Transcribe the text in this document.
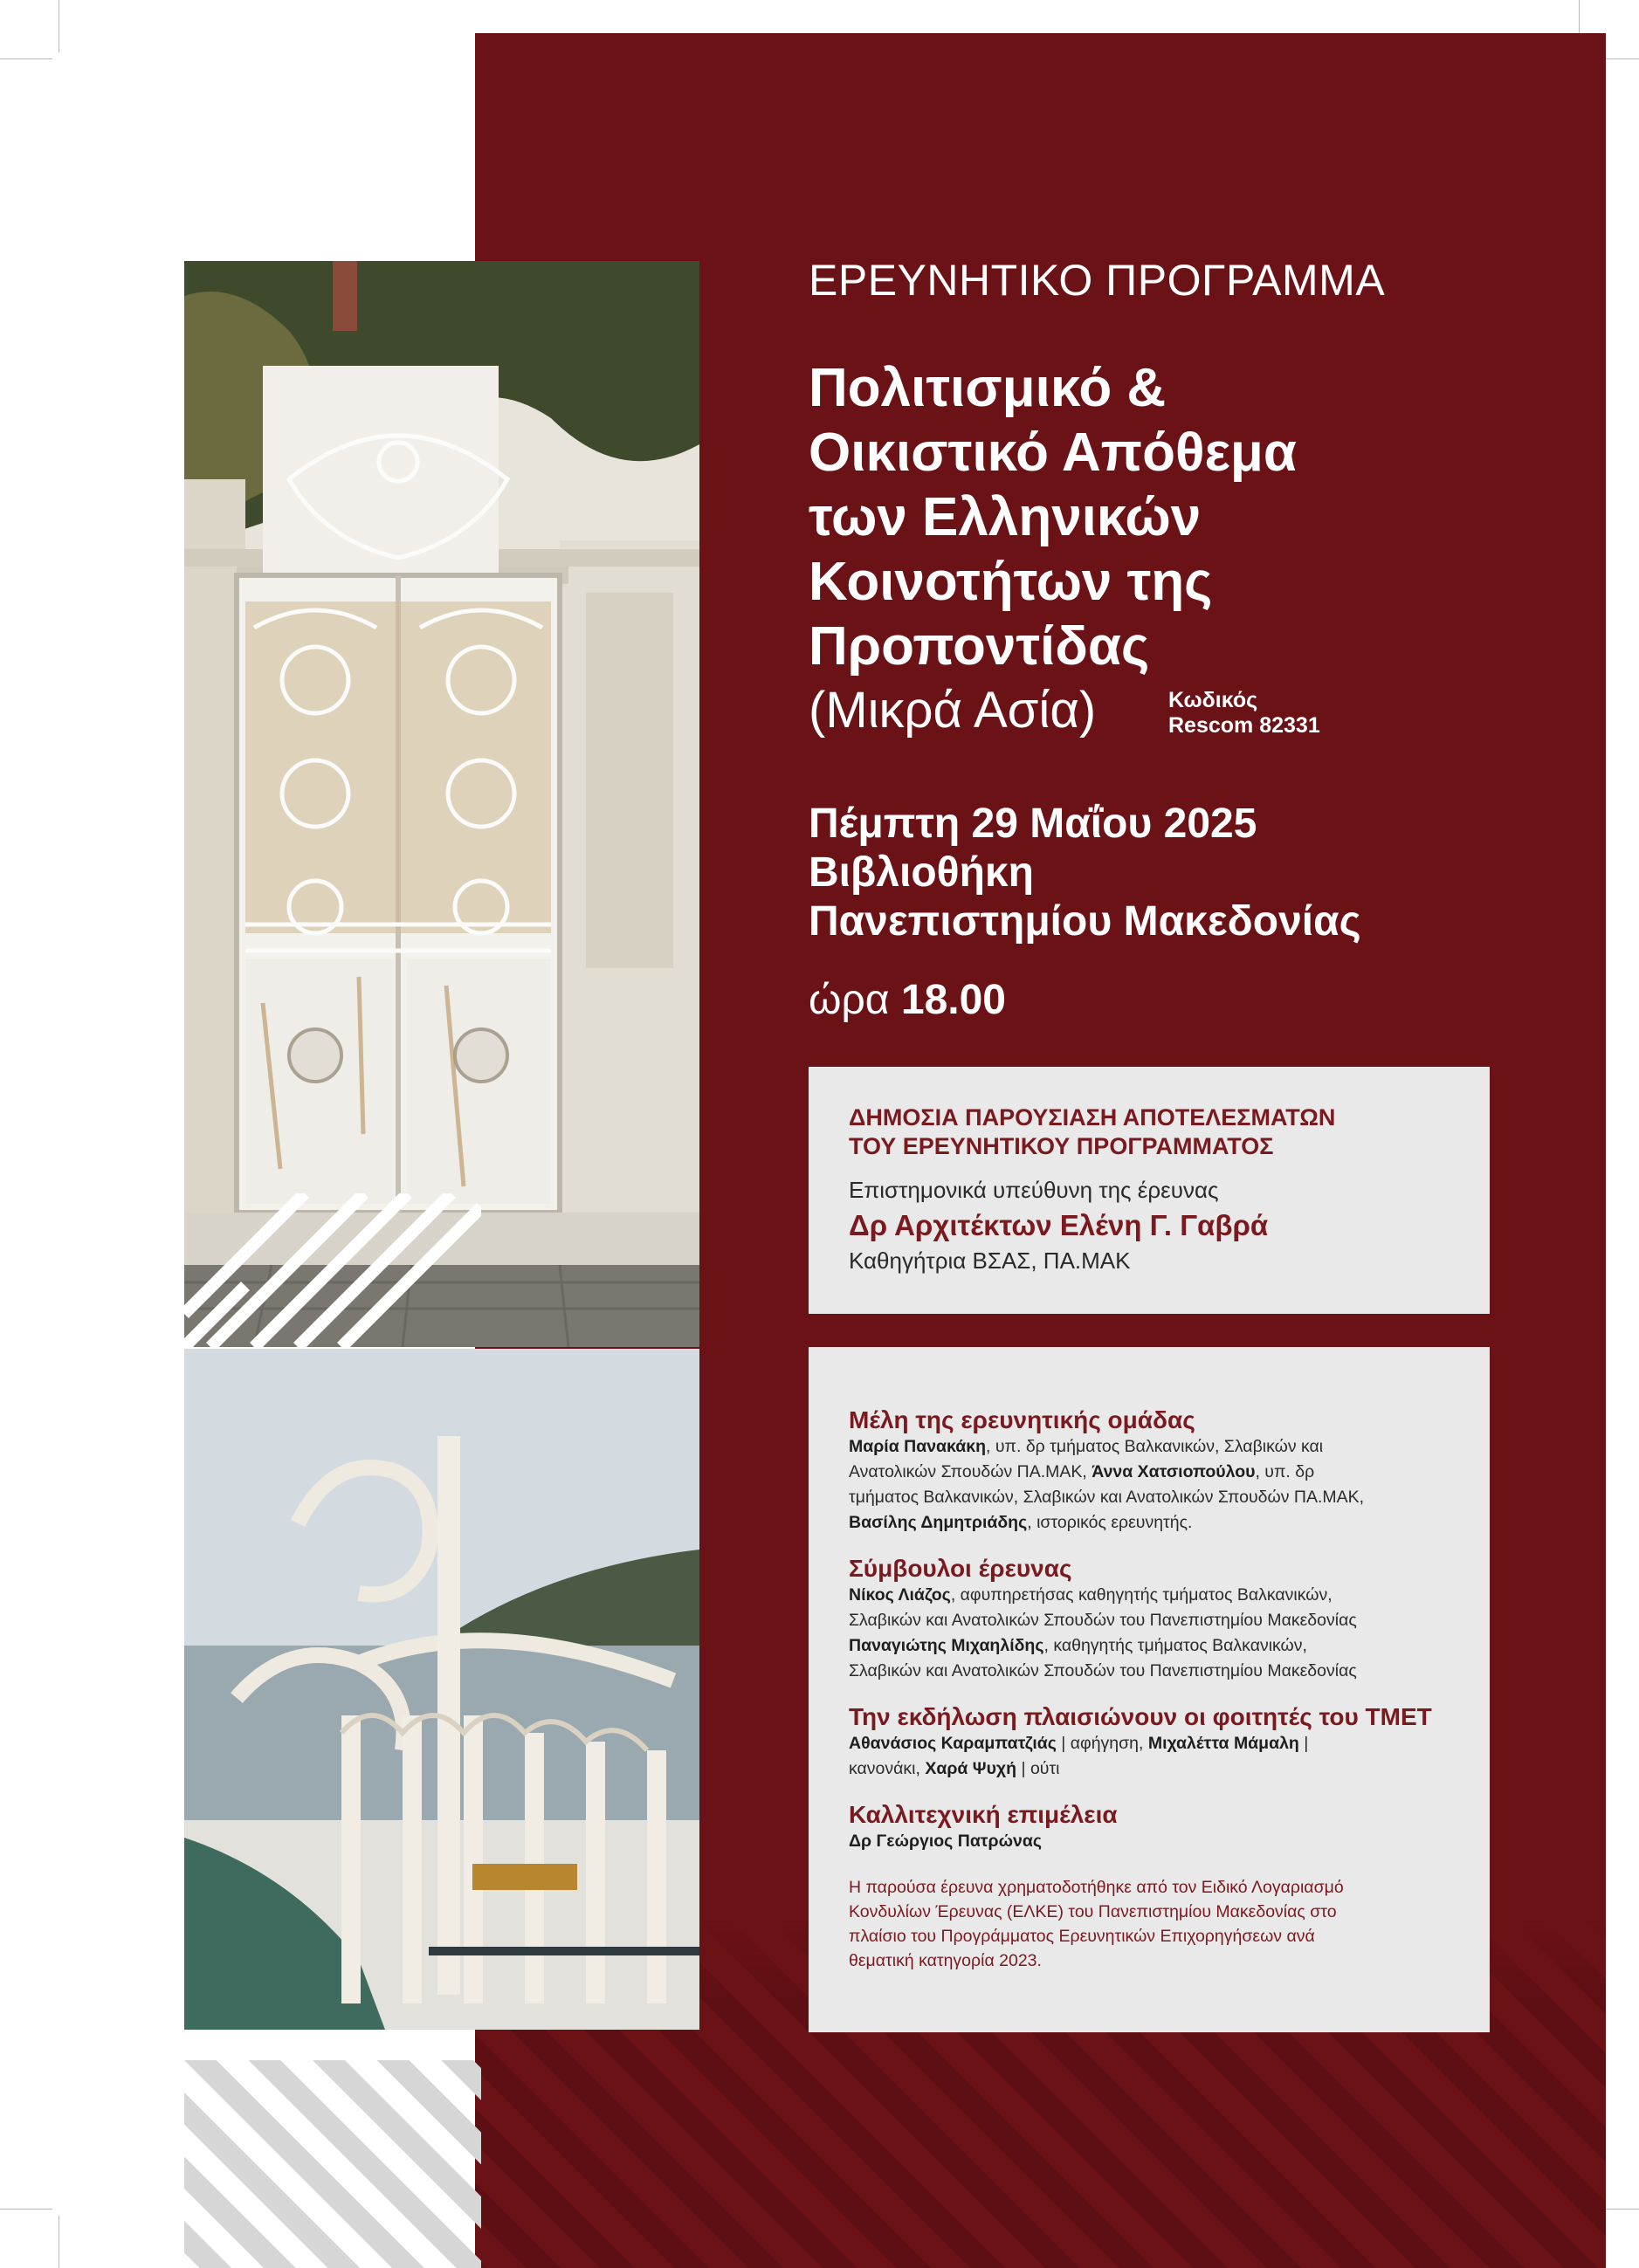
ΕΡΕΥΝΗΤΙΚΟ ΠΡΟΓΡΑΜΜΑ
Πολιτισμικό &
Οικιστικό Απόθεμα
των Ελληνικών
Κοινοτήτων της
Προποντίδας
(Μικρά Ασία)	Κωδικός
Rescom 82331
Πέμπτη 29 Μαΐου 2025
Βιβλιοθήκη
Πανεπιστημίου Μακεδονίας
ώρα 18.00
ΔΗΜΟΣΙΑ ΠΑΡΟΥΣΙΑΣΗ ΑΠΟΤΕΛΕΣΜΑΤΩΝ
ΤΟΥ ΕΡΕΥΝΗΤΙΚΟΥ ΠΡΟΓΡΑΜΜΑΤΟΣ
Επιστημονικά υπεύθυνη της έρευνας
Δρ Αρχιτέκτων Ελένη Γ. Γαβρά
Καθηγήτρια ΒΣΑΣ, ΠΑ.ΜΑΚ
Μέλη της ερευνητικής ομάδας
Μαρία Πανακάκη, υπ. δρ τμήματος Βαλκανικών, Σλαβικών και
Ανατολικών Σπουδών ΠΑ.ΜΑΚ, Άννα Χατσιοπούλου, υπ. δρ
τμήματος Βαλκανικών, Σλαβικών και Ανατολικών Σπουδών ΠΑ.ΜΑΚ,
Βασίλης Δημητριάδης, ιστορικός ερευνητής.
Σύμβουλοι έρευνας
Νίκος Λιάζος, αφυπηρετήσας καθηγητής τμήματος Βαλκανικών,
Σλαβικών και Ανατολικών Σπουδών του Πανεπιστημίου Μακεδονίας
Παναγιώτης Μιχαηλίδης, καθηγητής τμήματος Βαλκανικών,
Σλαβικών και Ανατολικών Σπουδών του Πανεπιστημίου Μακεδονίας
Την εκδήλωση πλαισιώνουν οι φοιτητές του ΤΜΕΤ
Αθανάσιος Καραμπατζιάς | αφήγηση, Μιχαλέττα Μάμαλη |
κανονάκι, Χαρά Ψυχή | ούτι
Καλλιτεχνική επιμέλεια
Δρ Γεώργιος Πατρώνας
Η παρούσα έρευνα χρηματοδοτήθηκε από τον Ειδικό Λογαριασμό
Κονδυλίων Έρευνας (ΕΛΚΕ) του Πανεπιστημίου Μακεδονίας στο
πλαίσιο του Προγράμματος Ερευνητικών Επιχορηγήσεων ανά
θεματική κατηγορία 2023.
